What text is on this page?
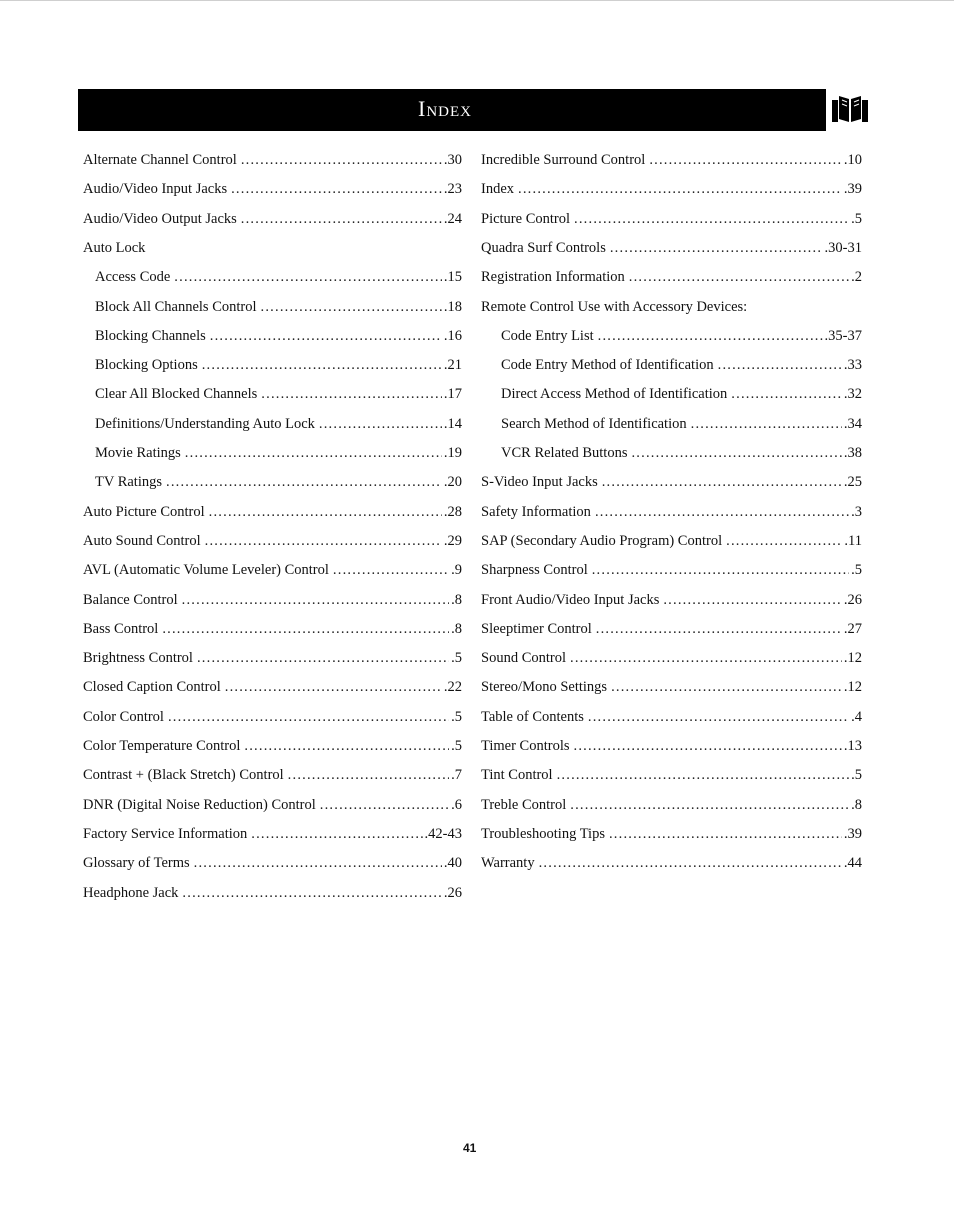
Index
Alternate Channel Control .....	.30
Audio/Video Input Jacks .....	.23
Audio/Video Output Jacks .....	.24
Auto Lock
Access Code .....	.15
Block All Channels Control .....	.18
Blocking Channels .....	.16
Blocking Options .....	.21
Clear All Blocked Channels .....	.17
Definitions/Understanding Auto Lock .....	.14
Movie Ratings .....	.19
TV Ratings .....	.20
Auto Picture Control .....	.28
Auto Sound Control .....	.29
AVL (Automatic Volume Leveler) Control .....	.9
Balance Control .....	.8
Bass Control .....	.8
Brightness Control .....	.5
Closed Caption Control .....	.22
Color Control .....	.5
Color Temperature Control .....	.5
Contrast + (Black Stretch) Control .....	.7
DNR (Digital Noise Reduction) Control .....	.6
Factory Service Information .....	.42-43
Glossary of Terms .....	.40
Headphone Jack .....	.26
Incredible Surround Control .....	.10
Index .....	.39
Picture Control .....	.5
Quadra Surf Controls .....	.30-31
Registration Information .....	.2
Remote Control Use with Accessory Devices:
Code Entry List .....	.35-37
Code Entry Method of Identification .....	.33
Direct Access Method of Identification .....	.32
Search Method of Identification .....	.34
VCR Related Buttons .....	.38
S-Video Input Jacks .....	.25
Safety Information .....	.3
SAP (Secondary Audio Program) Control .....	.11
Sharpness Control .....	.5
Front Audio/Video Input Jacks .....	.26
Sleeptimer Control .....	.27
Sound Control .....	.12
Stereo/Mono Settings .....	.12
Table of Contents .....	.4
Timer Controls .....	.13
Tint Control .....	.5
Treble Control .....	.8
Troubleshooting Tips .....	.39
Warranty .....	.44
41
